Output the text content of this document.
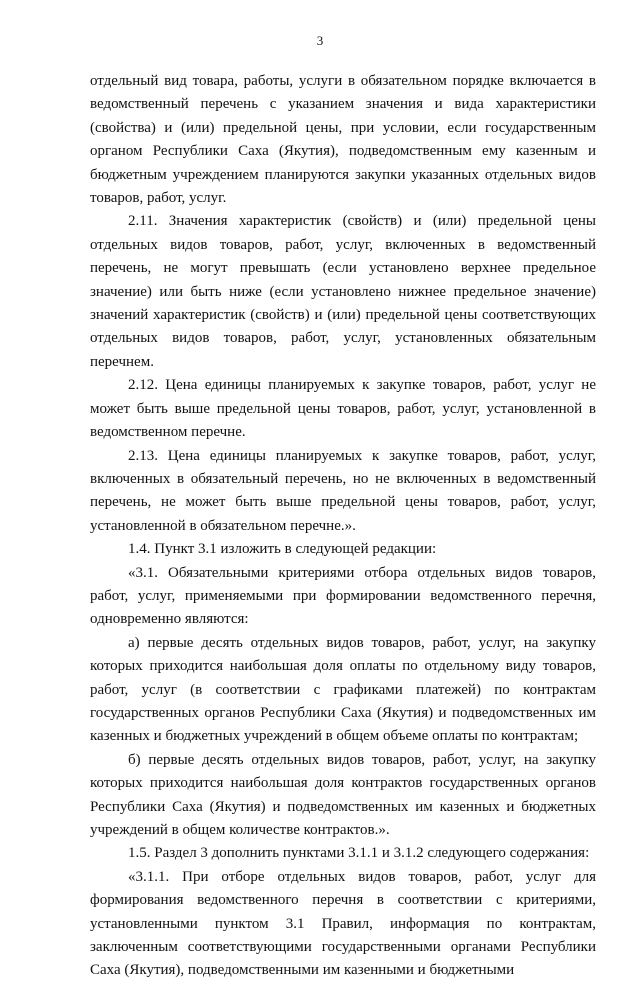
3

отдельный вид товара, работы, услуги в обязательном порядке включается в ведомственный перечень с указанием значения и вида характеристики (свойства) и (или) предельной цены, при условии, если государственным органом Республики Саха (Якутия), подведомственным ему казенным и бюджетным учреждением планируются закупки указанных отдельных видов товаров, работ, услуг.

2.11. Значения характеристик (свойств) и (или) предельной цены отдельных видов товаров, работ, услуг, включенных в ведомственный перечень, не могут превышать (если установлено верхнее предельное значение) или быть ниже (если установлено нижнее предельное значение) значений характеристик (свойств) и (или) предельной цены соответствующих отдельных видов товаров, работ, услуг, установленных обязательным перечнем.

2.12. Цена единицы планируемых к закупке товаров, работ, услуг не может быть выше предельной цены товаров, работ, услуг, установленной в ведомственном перечне.

2.13. Цена единицы планируемых к закупке товаров, работ, услуг, включенных в обязательный перечень, но не включенных в ведомственный перечень, не может быть выше предельной цены товаров, работ, услуг, установленной в обязательном перечне.».

1.4. Пункт 3.1 изложить в следующей редакции:

«3.1. Обязательными критериями отбора отдельных видов товаров, работ, услуг, применяемыми при формировании ведомственного перечня, одновременно являются:

а) первые десять отдельных видов товаров, работ, услуг, на закупку которых приходится наибольшая доля оплаты по отдельному виду товаров, работ, услуг (в соответствии с графиками платежей) по контрактам государственных органов Республики Саха (Якутия) и подведомственных им казенных и бюджетных учреждений в общем объеме оплаты по контрактам;

б) первые десять отдельных видов товаров, работ, услуг, на закупку которых приходится наибольшая доля контрактов государственных органов Республики Саха (Якутия) и подведомственных им казенных и бюджетных учреждений в общем количестве контрактов.».

1.5. Раздел 3 дополнить пунктами 3.1.1 и 3.1.2 следующего содержания:

«3.1.1. При отборе отдельных видов товаров, работ, услуг для формирования ведомственного перечня в соответствии с критериями, установленными пунктом 3.1 Правил, информация по контрактам, заключенным соответствующими государственными органами Республики Саха (Якутия), подведомственными им казенными и бюджетными
